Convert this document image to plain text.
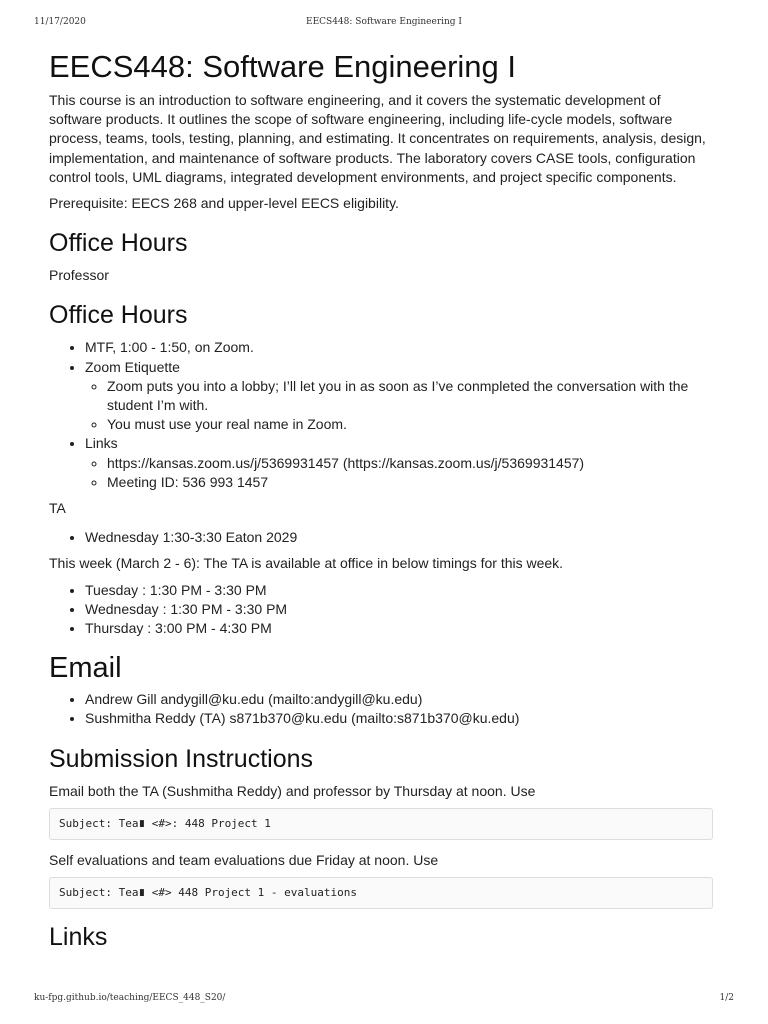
11/17/2020	EECS448: Software Engineering I
EECS448: Software Engineering I

This course is an introduction to software engineering, and it covers the systematic development of software products. It outlines the scope of software engineering, including life-cycle models, software process, teams, tools, testing, planning, and estimating. It concentrates on requirements, analysis, design, implementation, and maintenance of software products. The laboratory covers CASE tools, configuration control tools, UML diagrams, integrated development environments, and project specific components.

Prerequisite: EECS 268 and upper-level EECS eligibility.

Office Hours

Professor

Office Hours
• MTF, 1:00 - 1:50, on Zoom.
• Zoom Etiquette
◦ Zoom puts you into a lobby; I’ll let you in as soon as I’ve conmpleted the conversation with the student I’m with.
◦ You must use your real name in Zoom.
• Links
◦ https://kansas.zoom.us/j/5369931457 (https://kansas.zoom.us/j/5369931457)
◦ Meeting ID: 536 993 1457

TA

• Wednesday 1:30-3:30 Eaton 2029

This week (March 2 - 6): The TA is available at office in below timings for this week.

• Tuesday : 1:30 PM - 3:30 PM
• Wednesday : 1:30 PM - 3:30 PM
• Thursday : 3:00 PM - 4:30 PM
Email
• Andrew Gill andygill@ku.edu (mailto:andygill@ku.edu)
• Sushmitha Reddy (TA) s871b370@ku.edu (mailto:s871b370@ku.edu)
Submission Instructions

Email both the TA (Sushmitha Reddy) and professor by Thursday at noon. Use

Subject: Tea∎ <#>: 448 Project 1

Self evaluations and team evaluations due Friday at noon. Use

Subject: Tea∎ <#> 448 Project 1 - evaluations
Links
ku-fpg.github.io/teaching/EECS_448_S20/	1/2
